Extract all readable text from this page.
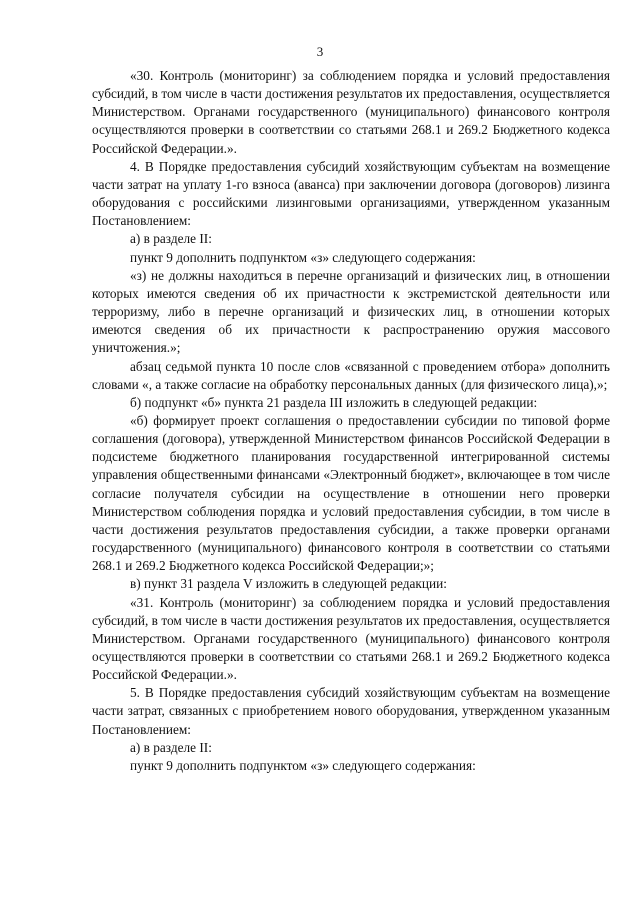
3

«30. Контроль (мониторинг) за соблюдением порядка и условий предоставления субсидий, в том числе в части достижения результатов их предоставления, осуществляется Министерством. Органами государственного (муниципального) финансового контроля осуществляются проверки в соответствии со статьями 268.1 и 269.2 Бюджетного кодекса Российской Федерации.».

4. В Порядке предоставления субсидий хозяйствующим субъектам на возмещение части затрат на уплату 1-го взноса (аванса) при заключении договора (договоров) лизинга оборудования с российскими лизинговыми организациями, утвержденном указанным Постановлением:

а) в разделе II:

пункт 9 дополнить подпунктом «з» следующего содержания:

«з) не должны находиться в перечне организаций и физических лиц, в отношении которых имеются сведения об их причастности к экстремистской деятельности или терроризму, либо в перечне организаций и физических лиц, в отношении которых имеются сведения об их причастности к распространению оружия массового уничтожения.»;

абзац седьмой пункта 10 после слов «связанной с проведением отбора» дополнить словами «, а также согласие на обработку персональных данных (для физического лица),»;

б) подпункт «б» пункта 21 раздела III изложить в следующей редакции:

«б) формирует проект соглашения о предоставлении субсидии по типовой форме соглашения (договора), утвержденной Министерством финансов Российской Федерации в подсистеме бюджетного планирования государственной интегрированной системы управления общественными финансами «Электронный бюджет», включающее в том числе согласие получателя субсидии на осуществление в отношении него проверки Министерством соблюдения порядка и условий предоставления субсидии, в том числе в части достижения результатов предоставления субсидии, а также проверки органами государственного (муниципального) финансового контроля в соответствии со статьями 268.1 и 269.2 Бюджетного кодекса Российской Федерации;»;

в) пункт 31 раздела V изложить в следующей редакции:

«31. Контроль (мониторинг) за соблюдением порядка и условий предоставления субсидий, в том числе в части достижения результатов их предоставления, осуществляется Министерством. Органами государственного (муниципального) финансового контроля осуществляются проверки в соответствии со статьями 268.1 и 269.2 Бюджетного кодекса Российской Федерации.».

5. В Порядке предоставления субсидий хозяйствующим субъектам на возмещение части затрат, связанных с приобретением нового оборудования, утвержденном указанным Постановлением:

а) в разделе II:

пункт 9 дополнить подпунктом «з» следующего содержания:
